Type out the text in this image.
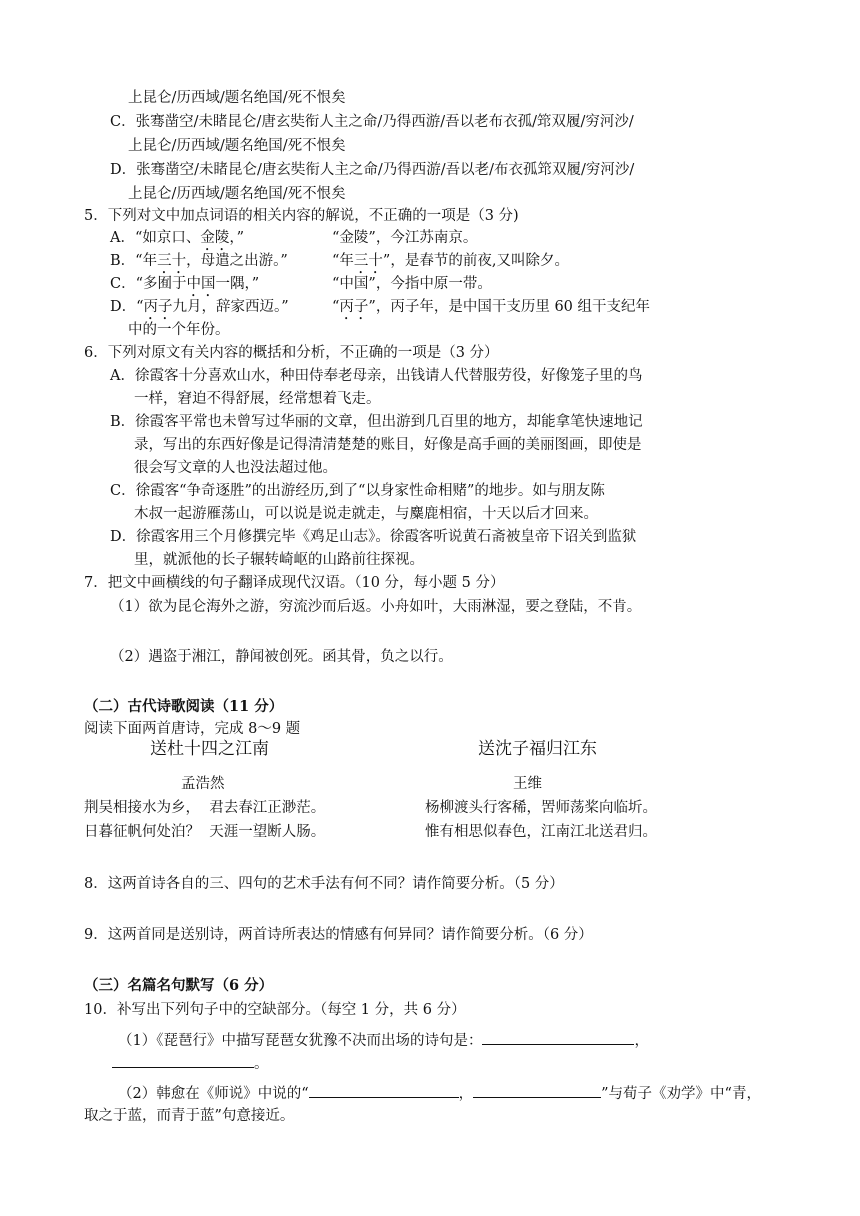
上昆仑/历西域/题名绝国/死不恨矣
C．张骞凿空/未睹昆仑/唐玄奘衔人主之命/乃得西游/吾以老布衣孤/筇双履/穷河沙/
上昆仑/历西域/题名绝国/死不恨矣
D．张骞凿空/未睹昆仑/唐玄奘衔人主之命/乃得西游/吾以老/布衣孤筇双履/穷河沙/
上昆仑/历西域/题名绝国/死不恨矣
5．下列对文中加点词语的相关内容的解说，不正确的一项是（3 分)
A．“如京口、金陵，”	“金陵”，今江苏南京。
B．“年三十，母遣之出游。”	“年三十”，是春节的前夜,又叫除夕。
C．“多囿于中国一隅，”	“中国”，今指中原一带。
D．“丙子九月，辞家西迈。”	“丙子”，丙子年，是中国干支历里 60 组干支纪年
中的一个年份。
6．下列对原文有关内容的概括和分析，不正确的一项是（3 分）
A．徐霞客十分喜欢山水，种田侍奉老母亲，出钱请人代替服劳役，好像笼子里的鸟
一样，窘迫不得舒展，经常想着飞走。
B．徐霞客平常也未曾写过华丽的文章，但出游到几百里的地方，却能拿笔快速地记
录，写出的东西好像是记得清清楚楚的账目，好像是高手画的美丽图画，即使是
很会写文章的人也没法超过他。
C．徐霞客“争奇逐胜”的出游经历,到了“以身家性命相赌”的地步。如与朋友陈
木叔一起游雁荡山，可以说是说走就走，与麋鹿相宿，十天以后才回来。
D．徐霞客用三个月修撰完毕《鸡足山志》。徐霞客听说黄石斋被皇帝下诏关到监狱
里，就派他的长子辗转崎岖的山路前往探视。
7．把文中画横线的句子翻译成现代汉语。（10 分，每小题 5 分）
（1）欲为昆仑海外之游，穷流沙而后返。小舟如叶，大雨淋湿，要之登陆，不肯。
（2）遇盗于湘江，静闻被创死。函其骨，负之以行。
（二）古代诗歌阅读（11 分）
阅读下面两首唐诗，完成 8～9 题
送杜十四之江南	送沈子福归江东
孟浩然	王维
荆吴相接水为乡，  君去春江正渺茫。	杨柳渡头行客稀，罟师荡桨向临圻。
日暮征帆何处泊？  天涯一望断人肠。	惟有相思似春色，江南江北送君归。
8．这两首诗各自的三、四句的艺术手法有何不同？请作简要分析。（5 分）
9．这两首同是送别诗，两首诗所表达的情感有何异同？请作简要分析。（6 分）
（三）名篇名句默写（6 分）
10．补写出下列句子中的空缺部分。（每空 1 分，共 6 分）
（1）《琵琶行》中描写琵琶女犹豫不决而出场的诗句是：	，
。
（2）韩愈在《师说》中说的“	，	”与荀子《劝学》中“青，
取之于蓝，而青于蓝”句意接近。
